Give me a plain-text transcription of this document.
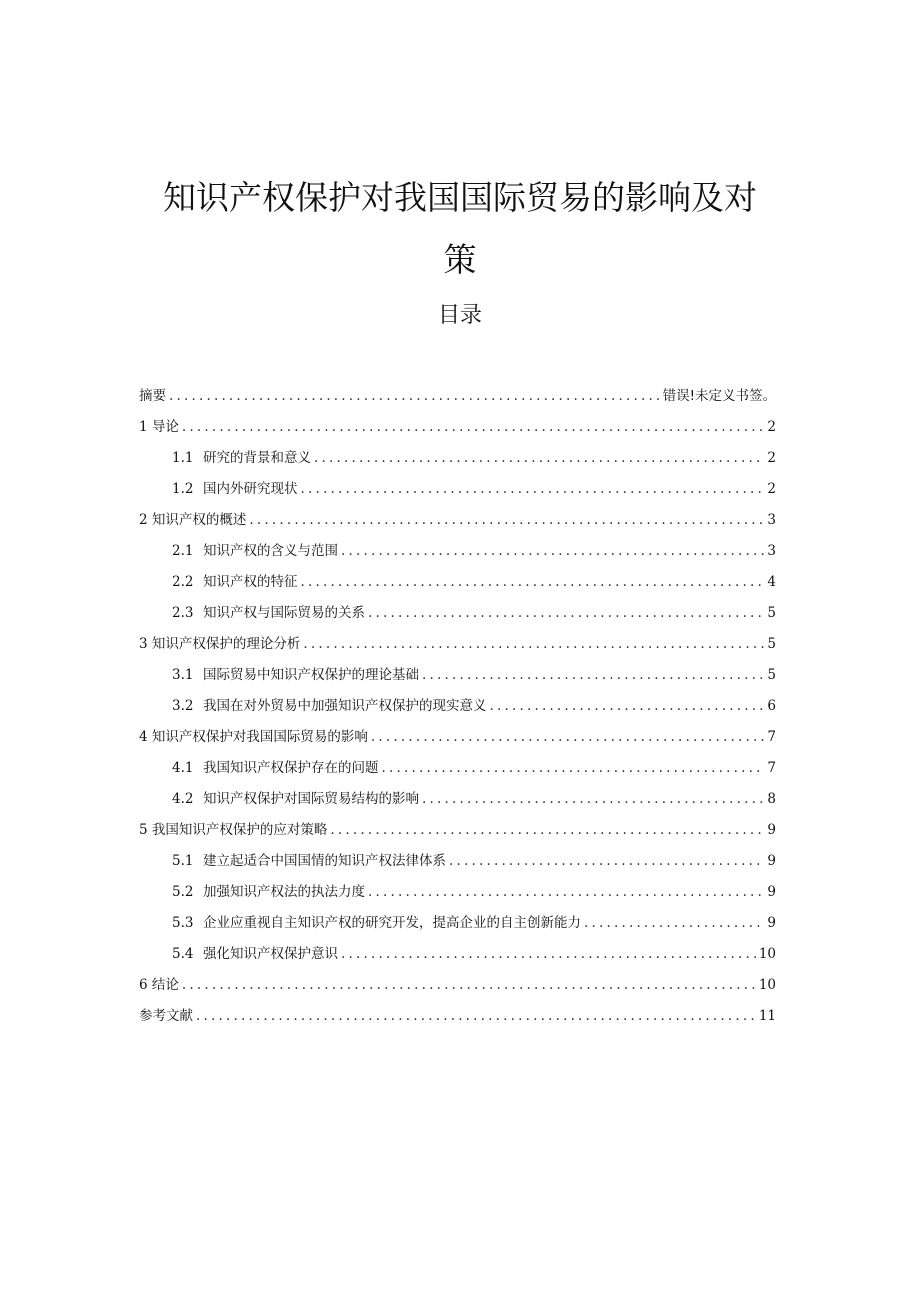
知识产权保护对我国国际贸易的影响及对
策
目录
摘要 .....	错误!未定义书签。
1 导论 .....	2
1.1 研究的背景和意义 .....	2
1.2 国内外研究现状 .....	2
2 知识产权的概述 .....	3
2.1 知识产权的含义与范围 .....	3
2.2 知识产权的特征 .....	4
2.3 知识产权与国际贸易的关系 .....	5
3 知识产权保护的理论分析 .....	5
3.1 国际贸易中知识产权保护的理论基础 .....	5
3.2 我国在对外贸易中加强知识产权保护的现实意义 .....	6
4 知识产权保护对我国国际贸易的影响 .....	7
4.1 我国知识产权保护存在的问题 .....	7
4.2 知识产权保护对国际贸易结构的影响 .....	8
5 我国知识产权保护的应对策略 .....	9
5.1 建立起适合中国国情的知识产权法律体系 .....	9
5.2 加强知识产权法的执法力度 .....	9
5.3 企业应重视自主知识产权的研究开发，提高企业的自主创新能力 .....	9
5.4 强化知识产权保护意识 .....	10
6 结论 .....	10
参考文献 .....	11
